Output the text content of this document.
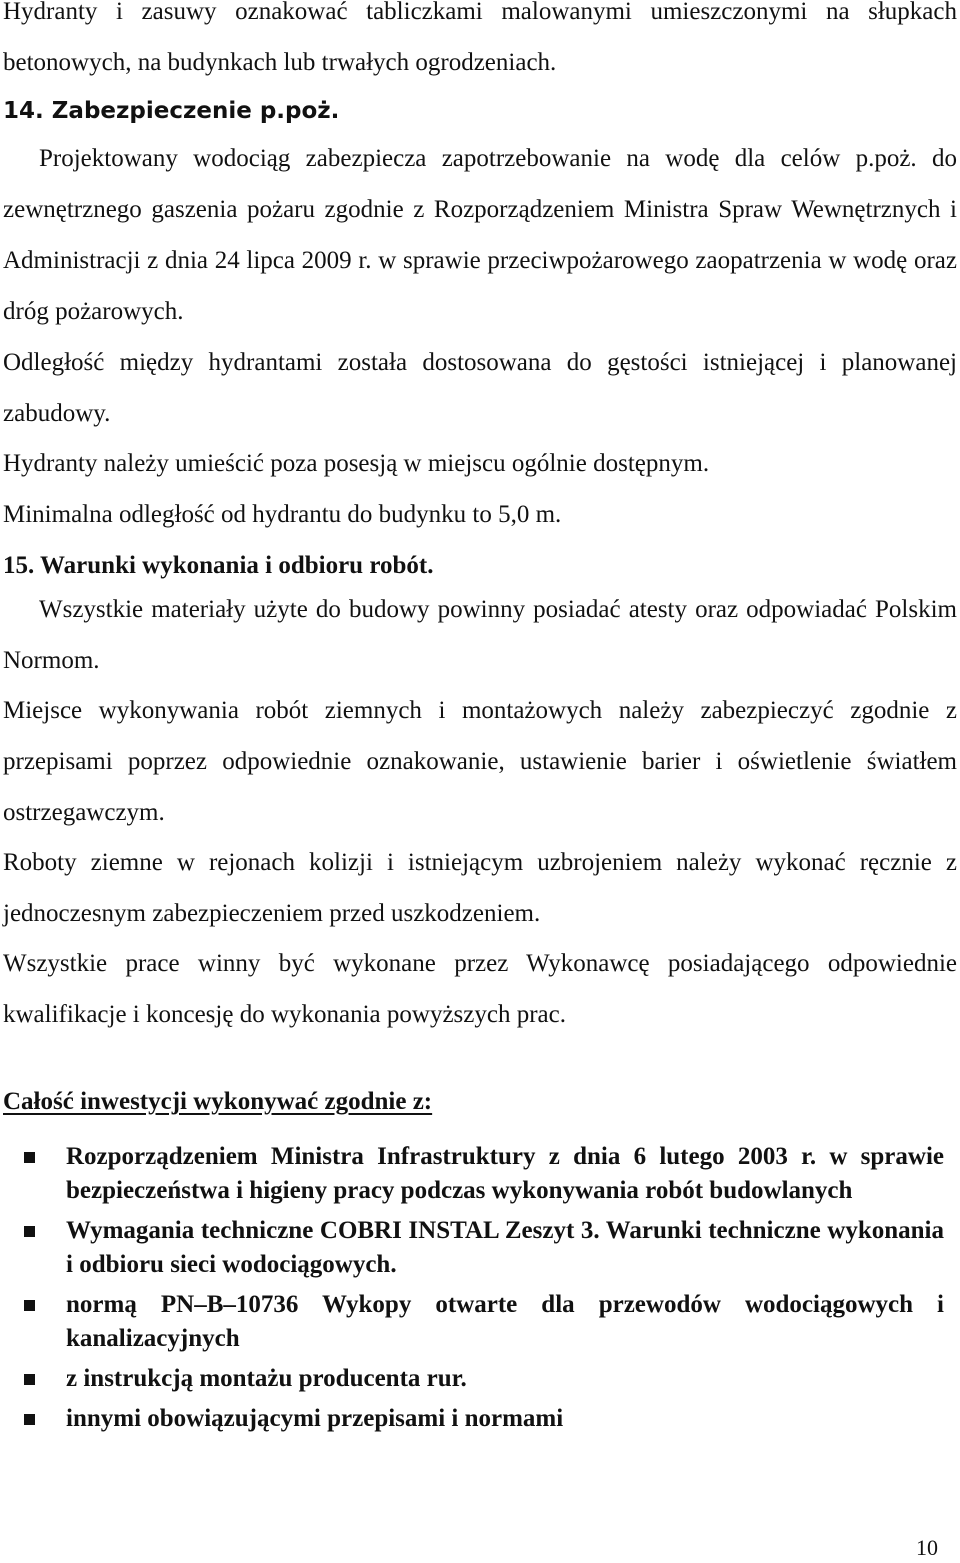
Hydranty i zasuwy oznakować tabliczkami malowanymi umieszczonymi na słupkach betonowych, na budynkach lub trwałych ogrodzeniach.

14. Zabezpieczenie p.poż.

Projektowany wodociąg zabezpiecza zapotrzebowanie na wodę dla celów p.poż. do zewnętrznego gaszenia pożaru zgodnie z Rozporządzeniem Ministra Spraw Wewnętrznych i Administracji z dnia 24 lipca 2009 r. w sprawie przeciwpożarowego zaopatrzenia w wodę oraz dróg pożarowych.

Odległość między hydrantami została dostosowana do gęstości istniejącej i planowanej zabudowy.

Hydranty należy umieścić poza posesją w miejscu ogólnie dostępnym.

Minimalna odległość od hydrantu do budynku to 5,0 m.

15. Warunki wykonania i odbioru robót.

Wszystkie materiały użyte do budowy powinny posiadać atesty oraz odpowiadać Polskim Normom.

Miejsce wykonywania robót ziemnych i montażowych należy zabezpieczyć zgodnie z przepisami poprzez odpowiednie oznakowanie, ustawienie barier i oświetlenie światłem ostrzegawczym.

Roboty ziemne w rejonach kolizji i istniejącym uzbrojeniem należy wykonać ręcznie z jednoczesnym zabezpieczeniem przed uszkodzeniem.

Wszystkie prace winny być wykonane przez Wykonawcę posiadającego odpowiednie kwalifikacje i koncesję do wykonania powyższych prac.

Całość inwestycji wykonywać zgodnie z:

Rozporządzeniem Ministra Infrastruktury z dnia 6 lutego 2003 r. w sprawie bezpieczeństwa i higieny pracy podczas wykonywania robót budowlanych
Wymagania techniczne COBRI INSTAL Zeszyt 3. Warunki techniczne wykonania i odbioru sieci wodociągowych.
normą PN–B–10736 Wykopy otwarte dla przewodów wodociągowych i kanalizacyjnych
z instrukcją montażu producenta rur.
innymi obowiązującymi przepisami i normami
10
